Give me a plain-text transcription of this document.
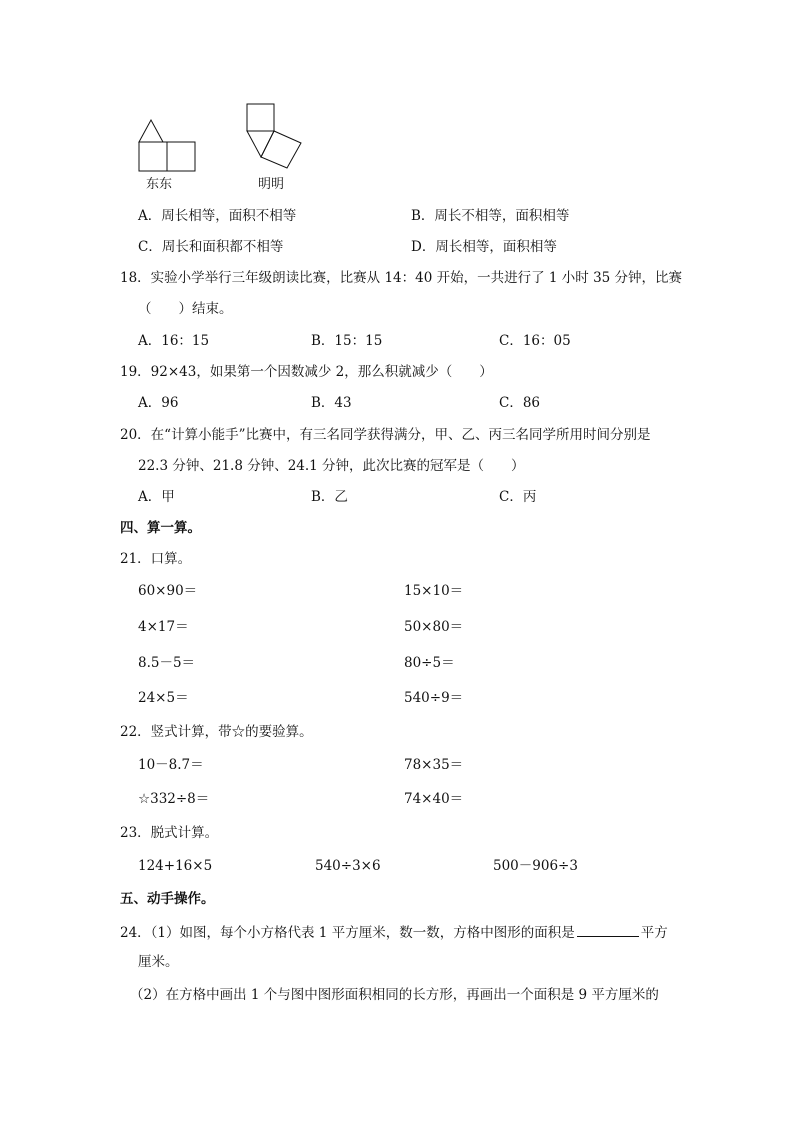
东东	明明
A．周长相等，面积不相等	B．周长不相等，面积相等
C．周长和面积都不相等	D．周长相等，面积相等
18．实验小学举行三年级朗读比赛，比赛从 14：40 开始，一共进行了 1 小时 35 分钟，比赛
（　　）结束。
A．16：15	B．15：15	C．16：05
19．92×43，如果第一个因数减少 2，那么积就减少（　　）
A．96	B．43	C．86
20．在“计算小能手”比赛中，有三名同学获得满分，甲、乙、丙三名同学所用时间分别是
22.3 分钟、21.8 分钟、24.1 分钟，此次比赛的冠军是（　　）
A．甲	B．乙	C．丙
四、算一算。
21．口算。
60×90＝	15×10＝
4×17＝	50×80＝
8.5－5＝	80÷5＝
24×5＝	540÷9＝
22．竖式计算，带☆的要验算。
10－8.7＝	78×35＝
☆332÷8＝	74×40＝
23．脱式计算。
124+16×5	540÷3×6	500－906÷3
五、动手操作。
24．（1）如图，每个小方格代表 1 平方厘米，数一数，方格中图形的面积是	平方
厘米。
（2）在方格中画出 1 个与图中图形面积相同的长方形，再画出一个面积是 9 平方厘米的
